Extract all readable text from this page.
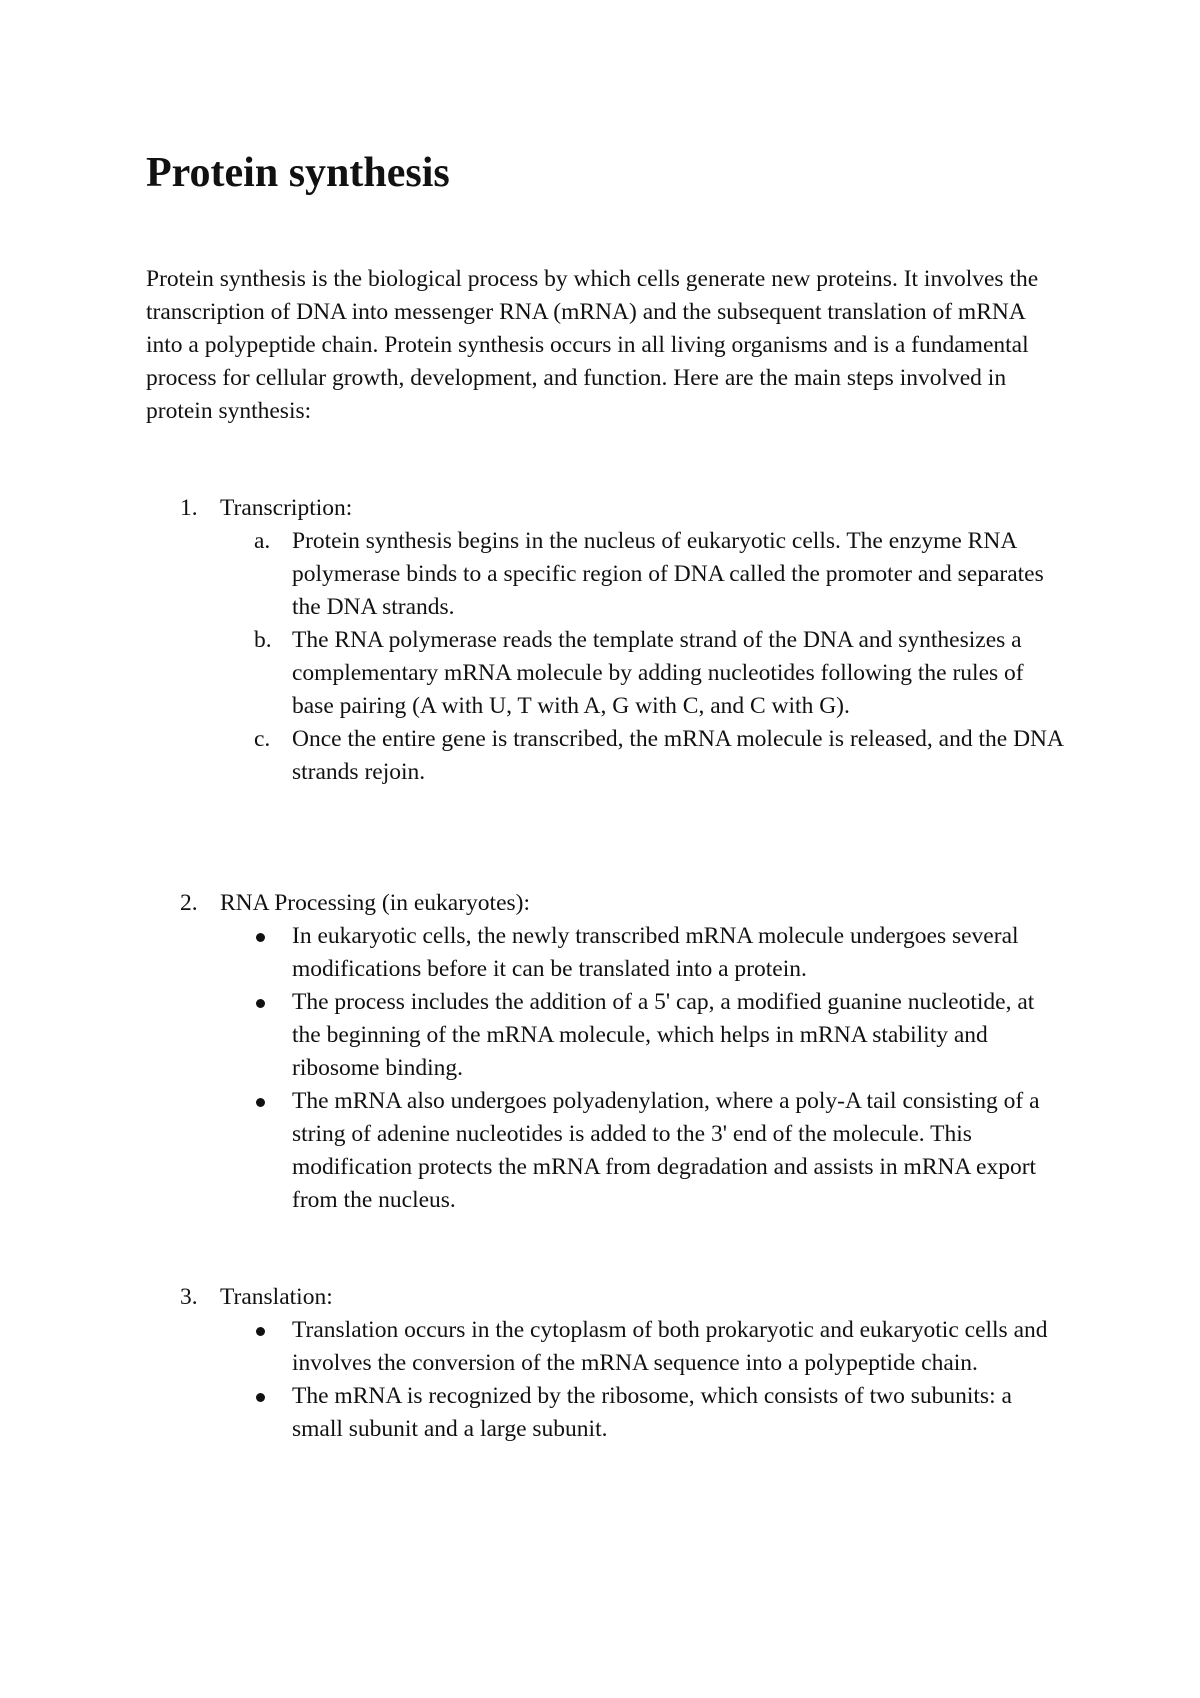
Protein synthesis

Protein synthesis is the biological process by which cells generate new proteins. It involves the transcription of DNA into messenger RNA (mRNA) and the subsequent translation of mRNA into a polypeptide chain. Protein synthesis occurs in all living organisms and is a fundamental process for cellular growth, development, and function. Here are the main steps involved in protein synthesis:

1. Transcription:
a. Protein synthesis begins in the nucleus of eukaryotic cells. The enzyme RNA polymerase binds to a specific region of DNA called the promoter and separates the DNA strands.
b. The RNA polymerase reads the template strand of the DNA and synthesizes a complementary mRNA molecule by adding nucleotides following the rules of base pairing (A with U, T with A, G with C, and C with G).
c. Once the entire gene is transcribed, the mRNA molecule is released, and the DNA strands rejoin.
2. RNA Processing (in eukaryotes):
In eukaryotic cells, the newly transcribed mRNA molecule undergoes several modifications before it can be translated into a protein.
The process includes the addition of a 5' cap, a modified guanine nucleotide, at the beginning of the mRNA molecule, which helps in mRNA stability and ribosome binding.
The mRNA also undergoes polyadenylation, where a poly-A tail consisting of a string of adenine nucleotides is added to the 3' end of the molecule. This modification protects the mRNA from degradation and assists in mRNA export from the nucleus.
3. Translation:
Translation occurs in the cytoplasm of both prokaryotic and eukaryotic cells and involves the conversion of the mRNA sequence into a polypeptide chain.
The mRNA is recognized by the ribosome, which consists of two subunits: a small subunit and a large subunit.
